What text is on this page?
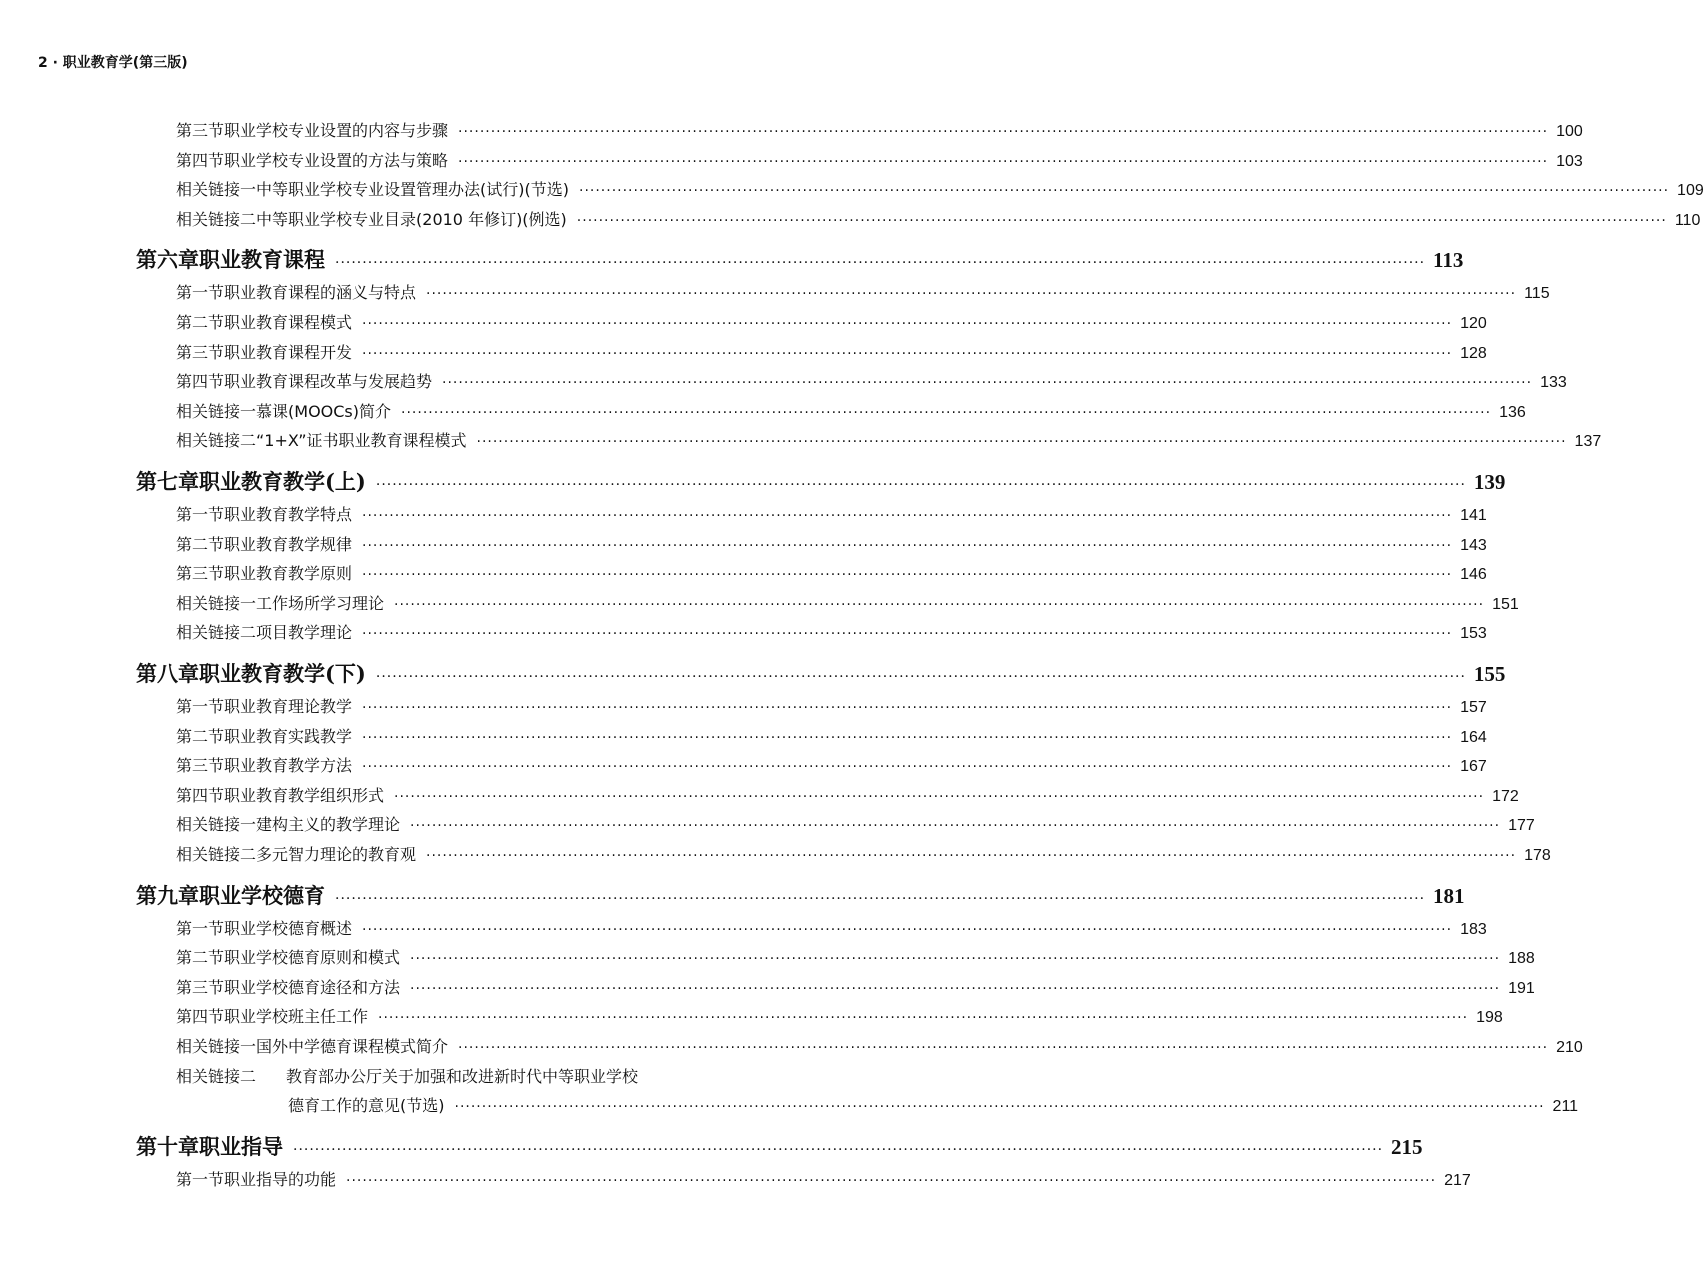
2 · 职业教育学(第三版)
第三节 职业学校专业设置的内容与步骤 ········································································································································································································ 100
第四节 职业学校专业设置的方法与策略 ········································································································································································································ 103
相关链接一 中等职业学校专业设置管理办法(试行)(节选) ········································································································································································································ 109
相关链接二 中等职业学校专业目录(2010 年修订)(例选) ········································································································································································································ 110
第六章 职业教育课程 ········································································································································································································ 113
第一节 职业教育课程的涵义与特点 ········································································································································································································ 115
第二节 职业教育课程模式 ········································································································································································································ 120
第三节 职业教育课程开发 ········································································································································································································ 128
第四节 职业教育课程改革与发展趋势 ········································································································································································································ 133
相关链接一 慕课(MOOCs)简介 ········································································································································································································ 136
相关链接二 “1+X”证书职业教育课程模式 ········································································································································································································ 137
第七章 职业教育教学(上) ········································································································································································································ 139
第一节 职业教育教学特点 ········································································································································································································ 141
第二节 职业教育教学规律 ········································································································································································································ 143
第三节 职业教育教学原则 ········································································································································································································ 146
相关链接一 工作场所学习理论 ········································································································································································································ 151
相关链接二 项目教学理论 ········································································································································································································ 153
第八章 职业教育教学(下) ········································································································································································································ 155
第一节 职业教育理论教学 ········································································································································································································ 157
第二节 职业教育实践教学 ········································································································································································································ 164
第三节 职业教育教学方法 ········································································································································································································ 167
第四节 职业教育教学组织形式 ········································································································································································································ 172
相关链接一 建构主义的教学理论 ········································································································································································································ 177
相关链接二 多元智力理论的教育观 ········································································································································································································ 178
第九章 职业学校德育 ········································································································································································································ 181
第一节 职业学校德育概述 ········································································································································································································ 183
第二节 职业学校德育原则和模式 ········································································································································································································ 188
第三节 职业学校德育途径和方法 ········································································································································································································ 191
第四节 职业学校班主任工作 ········································································································································································································ 198
相关链接一 国外中学德育课程模式简介 ········································································································································································································ 210
相关链接二	教育部办公厅关于加强和改进新时代中等职业学校
德育工作的意见(节选) ········································································································································································································ 211
第十章 职业指导 ········································································································································································································ 215
第一节 职业指导的功能 ········································································································································································································ 217
